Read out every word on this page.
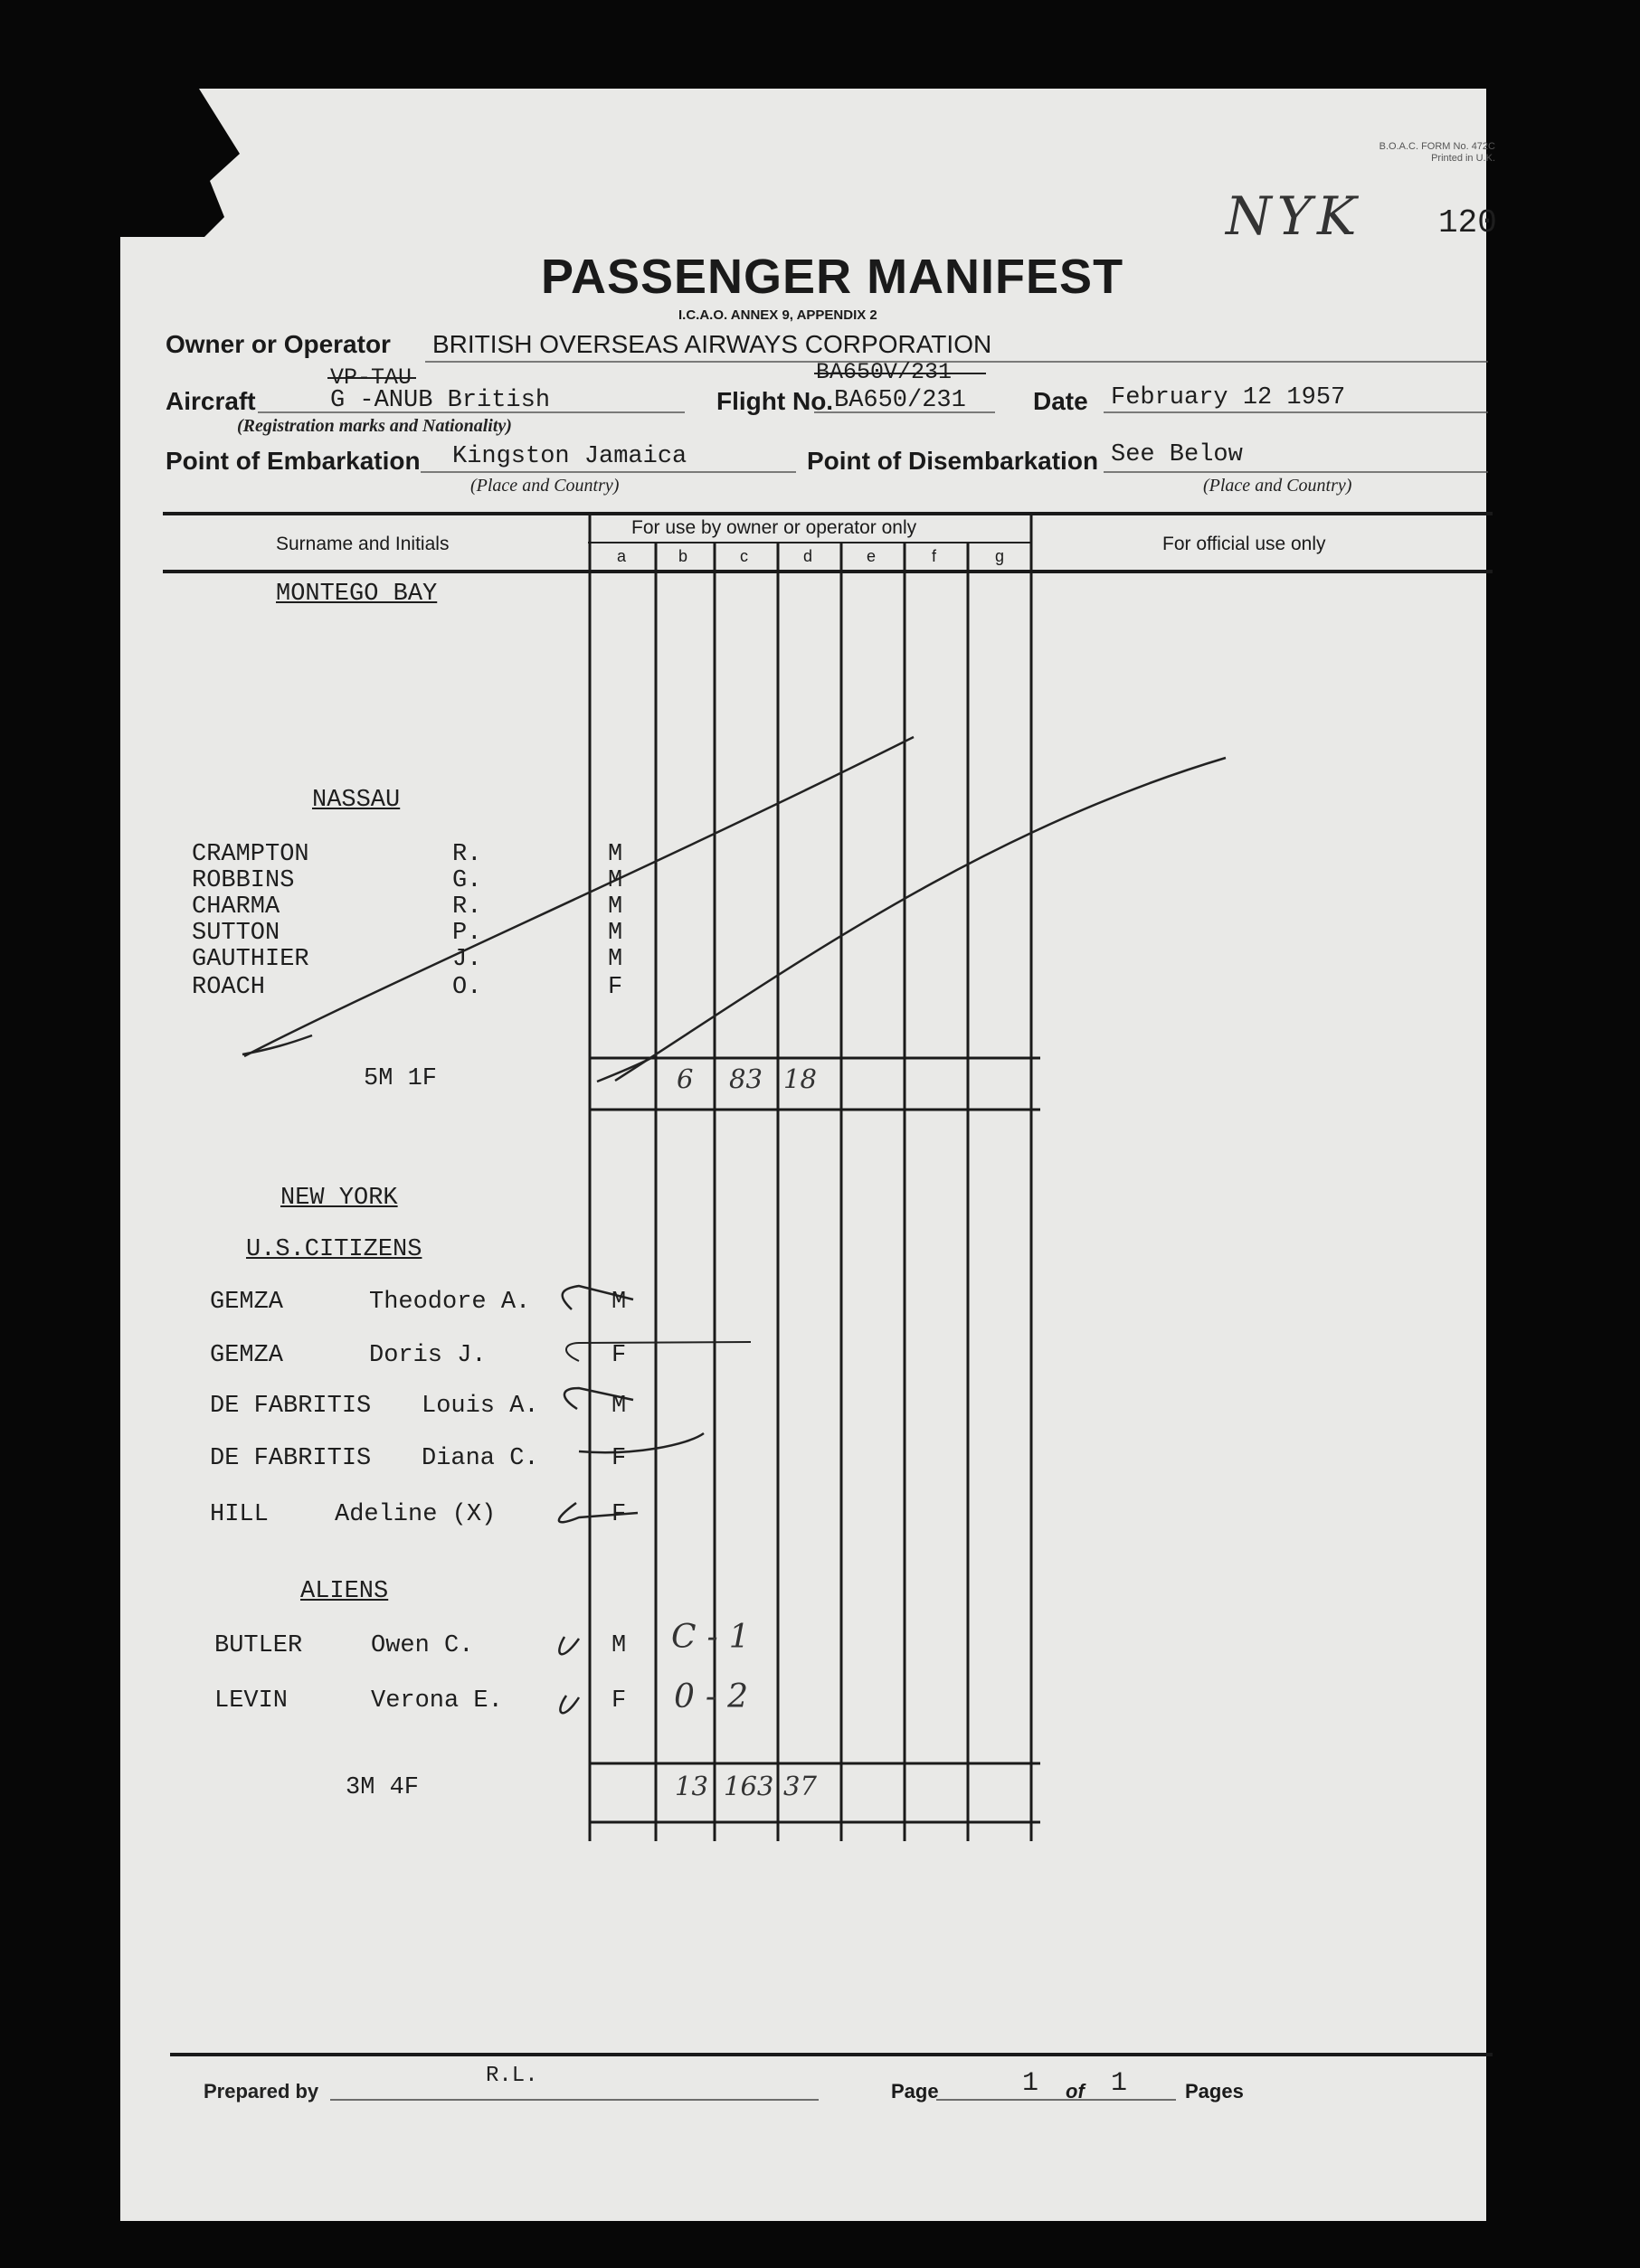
B.O.A.C. FORM No. 472C
Printed in U.K.
NYK 120
PASSENGER MANIFEST
I.C.A.O. ANNEX 9, APPENDIX 2
Owner or Operator BRITISH OVERSEAS AIRWAYS CORPORATION
Aircraft
VP-TAU
G -ANUB British
(Registration marks and Nationality)
Flight No.
BA650V/231
BA650/231	Date February 12 1957
Point of Embarkation Kingston Jamaica
(Place and Country)
Point of Disembarkation See Below
(Place and Country)
Surname and Initials
For use by owner or operator only
For official use only
a	b	c	d	e	f	g
MONTEGO BAY
NASSAU
CRAMPTON	R.	M
ROBBINS	G.	M
CHARMA	R.	M
SUTTON	P.	M
GAUTHIER	J.	M
ROACH	O.	F
5M 1F	6 83 18
NEW YORK
U.S.CITIZENS
GEMZA	Theodore A.	M
GEMZA	Doris J.	F
DE FABRITIS Louis A.	M
DE FABRITIS Diana C.	F
HILL	Adeline (X)	F
ALIENS
BUTLER	Owen C.	M C-1
LEVIN	Verona E.	F 0-2
3M 4F	13 163 37
Prepared by
R.L.
Page	1 of 1	Pages
